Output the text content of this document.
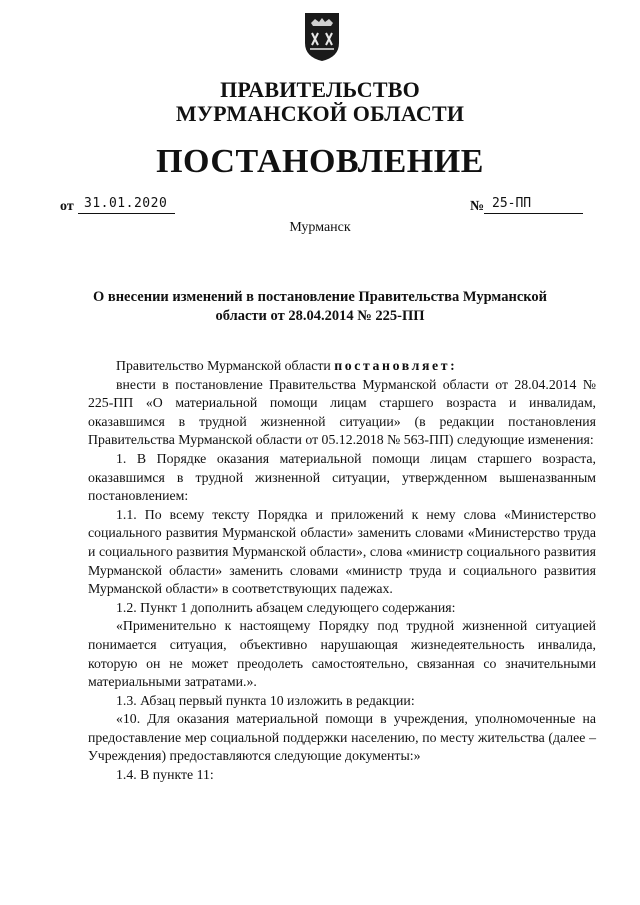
ПРАВИТЕЛЬСТВО
МУРМАНСКОЙ ОБЛАСТИ
ПОСТАНОВЛЕНИЕ
от 31.01.2020	№ 25-ПП
Мурманск
О внесении изменений в постановление Правительства Мурманской
области от 28.04.2014 № 225-ПП

Правительство Мурманской области постановляет:

внести в постановление Правительства Мурманской области от 28.04.2014 № 225-ПП «О материальной помощи лицам старшего возраста и инвалидам, оказавшимся в трудной жизненной ситуации» (в редакции постановления Правительства Мурманской области от 05.12.2018 № 563-ПП) следующие изменения:

1. В Порядке оказания материальной помощи лицам старшего возраста, оказавшимся в трудной жизненной ситуации, утвержденном вышеназванным постановлением:

1.1. По всему тексту Порядка и приложений к нему слова «Министерство социального развития Мурманской области» заменить словами «Министерство труда и социального развития Мурманской области», слова «министр социального развития Мурманской области» заменить словами «министр труда и социального развития Мурманской области» в соответствующих падежах.

1.2. Пункт 1 дополнить абзацем следующего содержания:

«Применительно к настоящему Порядку под трудной жизненной ситуацией понимается ситуация, объективно нарушающая жизнедеятельность инвалида, которую он не может преодолеть самостоятельно, связанная со значительными материальными затратами.».

1.3. Абзац первый пункта 10 изложить в редакции:

«10. Для оказания материальной помощи в учреждения, уполномоченные на предоставление мер социальной поддержки населению, по месту жительства (далее – Учреждения) предоставляются следующие документы:»

1.4. В пункте 11:
